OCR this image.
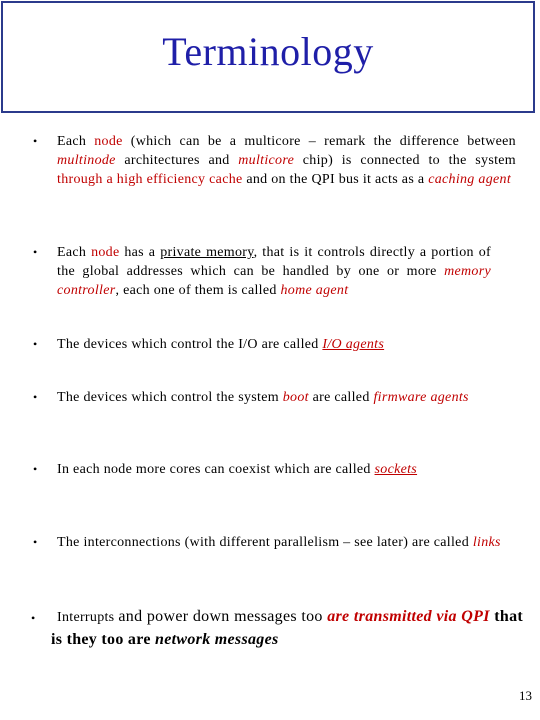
Terminology
• Each node (which can be a multicore – remark the difference between multinode architectures and multicore chip) is connected to the system through a high efficiency cache and on the QPI bus it acts as a caching agent
• Each node has a private memory, that is it controls directly a portion of the global addresses which can be handled by one or more memory controller, each one of them is called home agent
• The devices which control the I/O are called I/O agents
• The devices which control the system boot are called firmware agents
• In each node more cores can coexist which are called sockets
• The interconnections (with different parallelism – see later) are called links
•	Interrupts and power down messages too are transmitted via QPI that is they too are network messages
13
